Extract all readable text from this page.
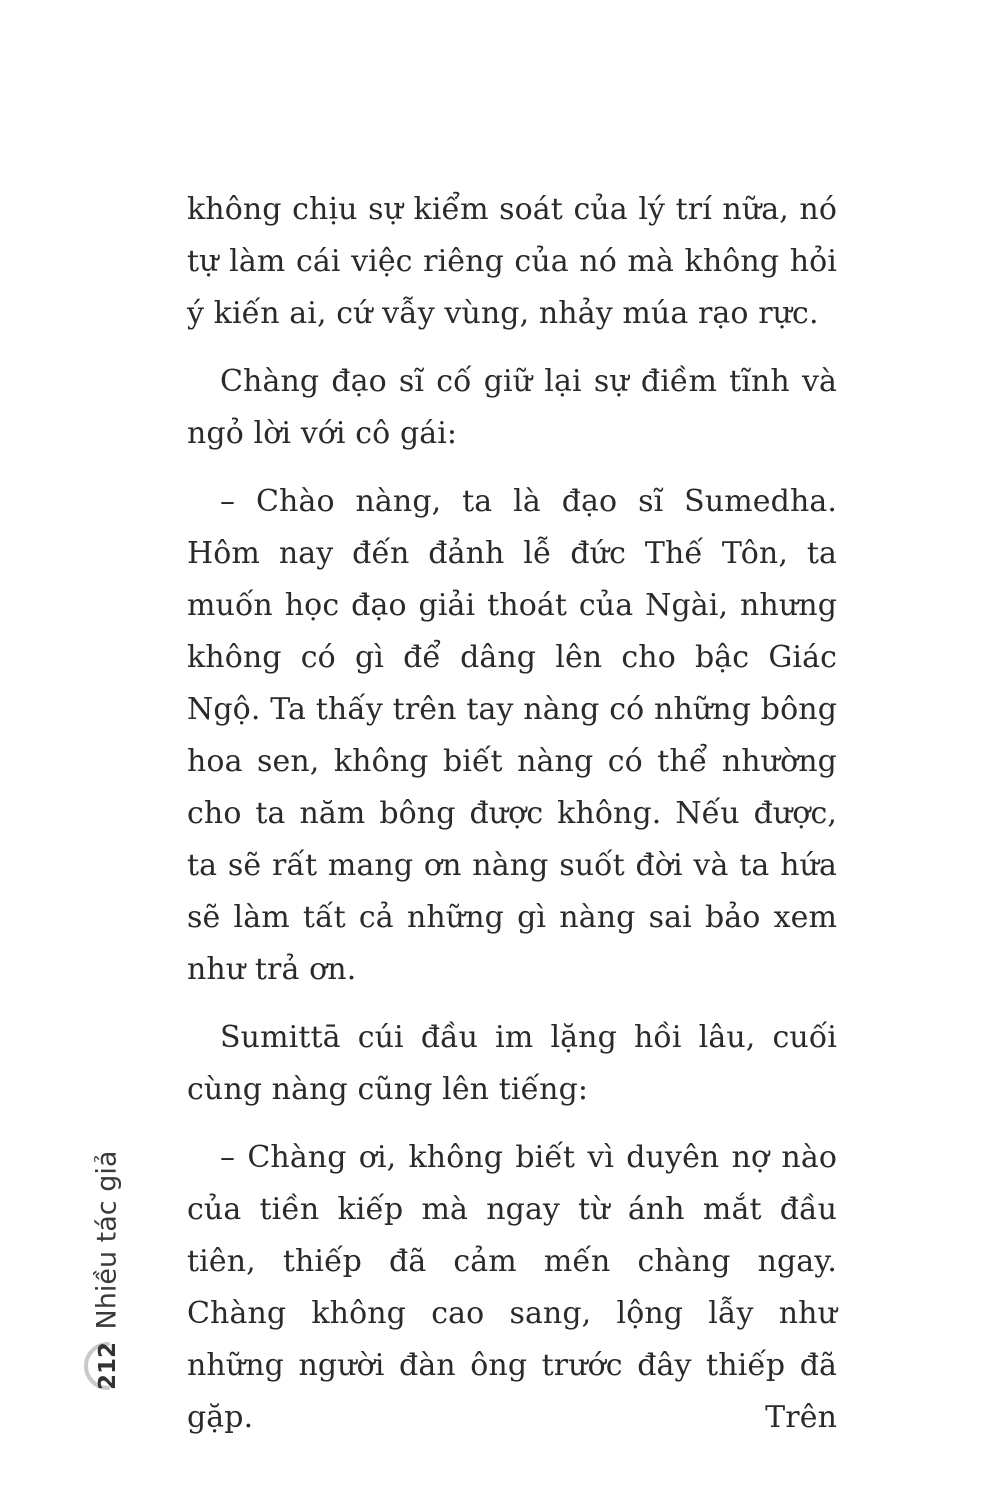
không chịu sự kiểm soát của lý trí nữa, nó tự làm cái việc riêng của nó mà không hỏi ý kiến ai, cứ vẫy vùng, nhảy múa rạo rực.

Chàng đạo sĩ cố giữ lại sự điềm tĩnh và ngỏ lời với cô gái:

– Chào nàng, ta là đạo sĩ Sumedha. Hôm nay đến đảnh lễ đức Thế Tôn, ta muốn học đạo giải thoát của Ngài, nhưng không có gì để dâng lên cho bậc Giác Ngộ. Ta thấy trên tay nàng có những bông hoa sen, không biết nàng có thể nhường cho ta năm bông được không. Nếu được, ta sẽ rất mang ơn nàng suốt đời và ta hứa sẽ làm tất cả những gì nàng sai bảo xem như trả ơn.

Sumittā cúi đầu im lặng hồi lâu, cuối cùng nàng cũng lên tiếng:

– Chàng ơi, không biết vì duyên nợ nào của tiền kiếp mà ngay từ ánh mắt đầu tiên, thiếp đã cảm mến chàng ngay. Chàng không cao sang, lộng lẫy như những người đàn ông trước đây thiếp đã gặp. Trên

Nhiều tác giả
212
